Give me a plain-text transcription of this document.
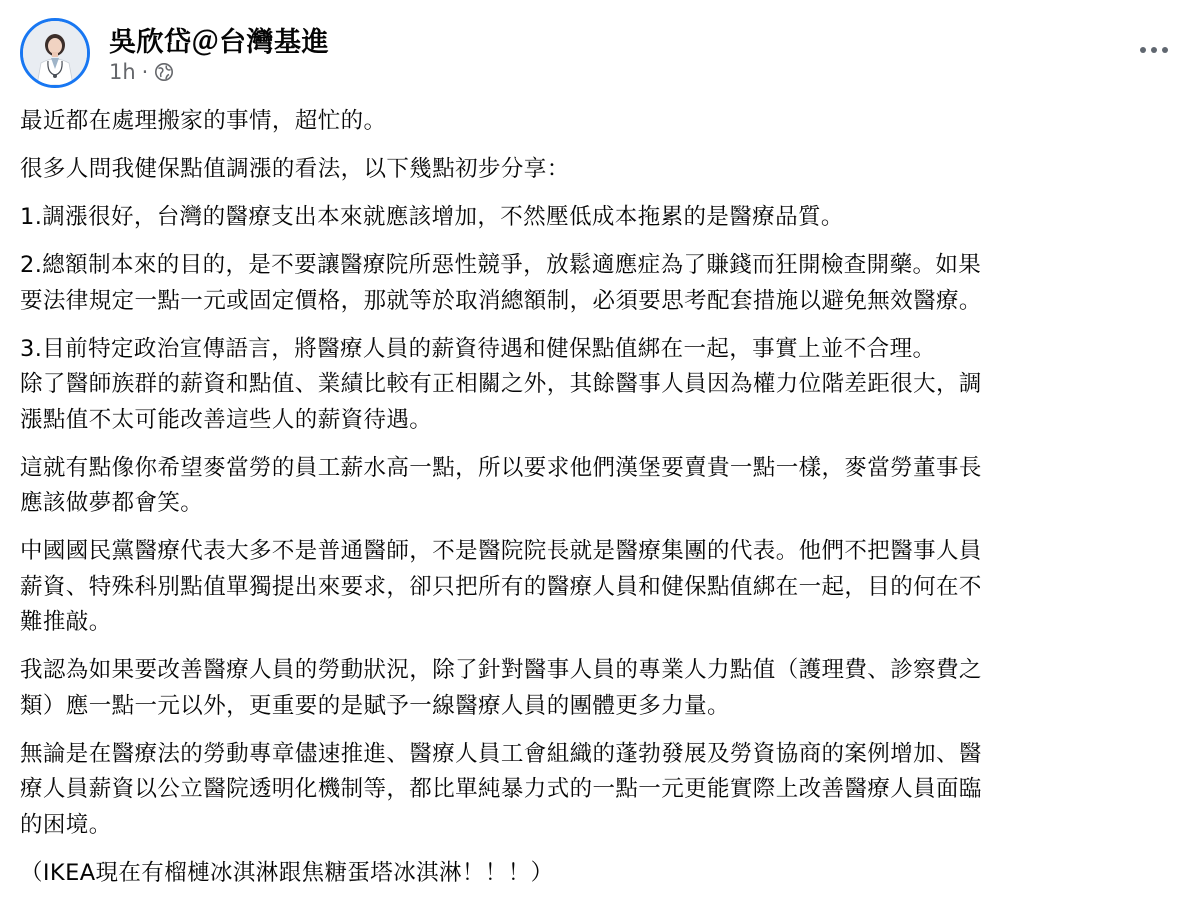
吳欣岱＠台灣基進
1h ·

最近都在處理搬家的事情，超忙的。

很多人問我健保點值調漲的看法，以下幾點初步分享：

1.調漲很好，台灣的醫療支出本來就應該增加，不然壓低成本拖累的是醫療品質。

2.總額制本來的目的，是不要讓醫療院所惡性競爭，放鬆適應症為了賺錢而狂開檢查開藥。如果
要法律規定一點一元或固定價格，那就等於取消總額制，必須要思考配套措施以避免無效醫療。

3.目前特定政治宣傳語言，將醫療人員的薪資待遇和健保點值綁在一起，事實上並不合理。
除了醫師族群的薪資和點值、業績比較有正相關之外，其餘醫事人員因為權力位階差距很大，調
漲點值不太可能改善這些人的薪資待遇。

這就有點像你希望麥當勞的員工薪水高一點，所以要求他們漢堡要賣貴一點一樣，麥當勞董事長
應該做夢都會笑。

中國國民黨醫療代表大多不是普通醫師，不是醫院院長就是醫療集團的代表。他們不把醫事人員
薪資、特殊科別點值單獨提出來要求，卻只把所有的醫療人員和健保點值綁在一起，目的何在不
難推敲。

我認為如果要改善醫療人員的勞動狀況，除了針對醫事人員的專業人力點值（護理費、診察費之
類）應一點一元以外，更重要的是賦予一線醫療人員的團體更多力量。

無論是在醫療法的勞動專章儘速推進、醫療人員工會組織的蓬勃發展及勞資協商的案例增加、醫
療人員薪資以公立醫院透明化機制等，都比單純暴力式的一點一元更能實際上改善醫療人員面臨
的困境。

（IKEA現在有榴槤冰淇淋跟焦糖蛋塔冰淇淋！！！）
